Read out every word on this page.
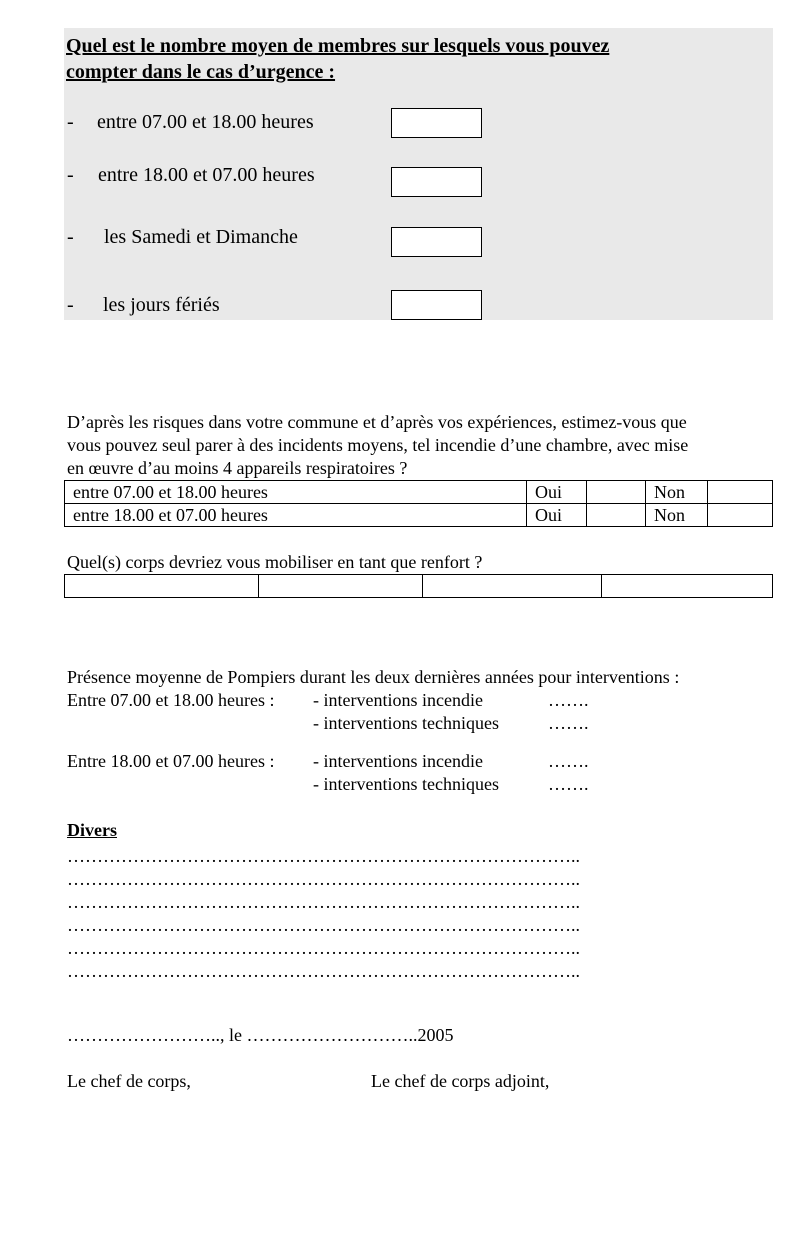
Quel est le nombre moyen de membres sur lesquels vous pouvez
compter dans le cas d’urgence :
- entre 07.00 et 18.00 heures
- entre 18.00 et 07.00 heures
- les Samedi et Dimanche
- les jours fériés
D’après les risques dans votre commune et d’après vos expériences, estimez-vous que
vous pouvez seul parer à des incidents moyens, tel incendie d’une chambre, avec mise
en œuvre d’au moins 4 appareils respiratoires ?
entre 07.00 et 18.00 heures	Oui		Non	
entre 18.00 et 07.00 heures	Oui		Non	
Quel(s) corps devriez vous mobiliser en tant que renfort ?

Présence moyenne de Pompiers durant les deux dernières années pour interventions :
Entre 07.00 et 18.00 heures : - interventions incendie	…….
- interventions techniques	…….
Entre 18.00 et 07.00 heures : - interventions incendie	…….
- interventions techniques	…….
Divers
…………………………………………………………………………..
…………………………………………………………………………..
…………………………………………………………………………..
…………………………………………………………………………..
…………………………………………………………………………..
…………………………………………………………………………..
…………………….., le ………………………..2005
Le chef de corps,	Le chef de corps adjoint,
